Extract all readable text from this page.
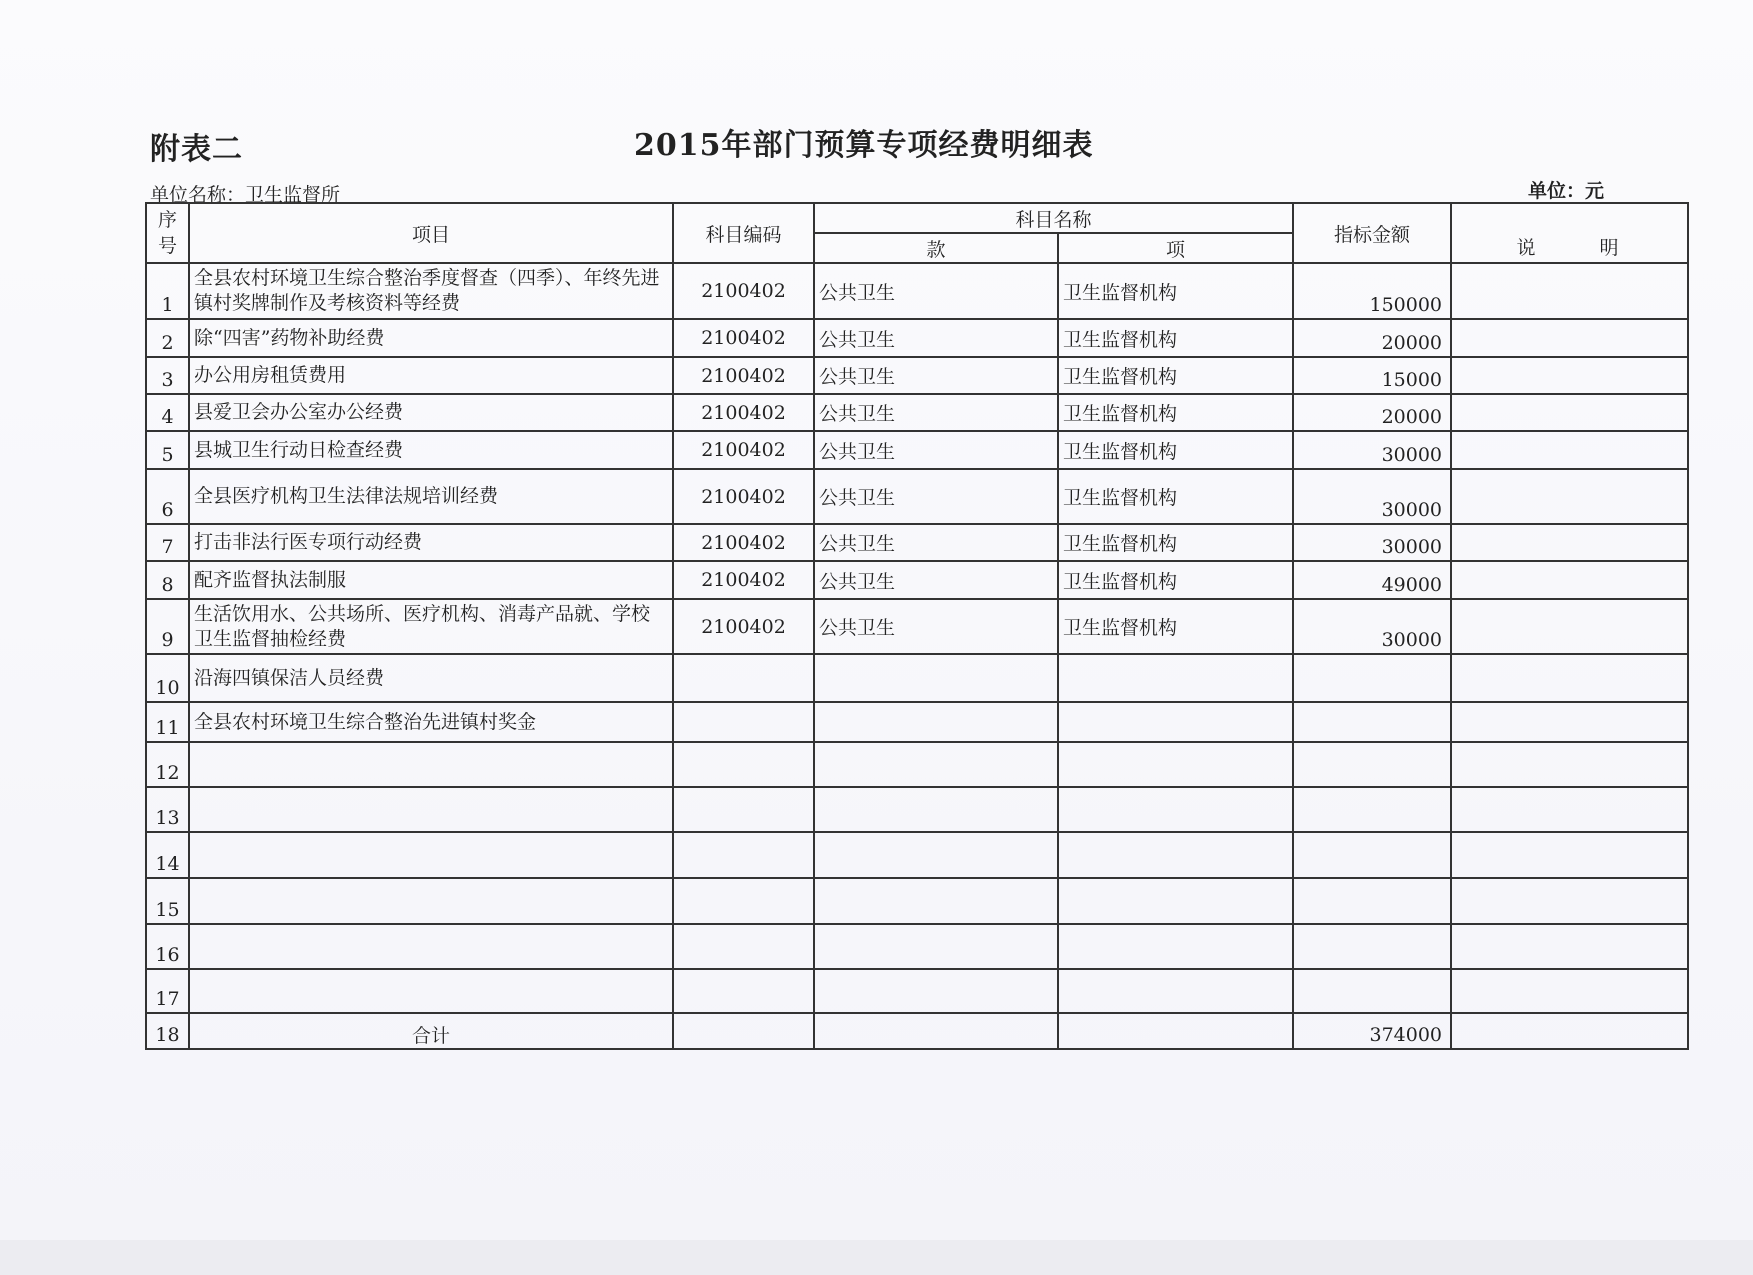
附表二	2015年部门预算专项经费明细表
单位名称：卫生监督所	单位：元
序
号	项目	科目编码	科目名称		指标金额	说 明
			款	项		
1	全县农村环境卫生综合整治季度督查（四季）、年终先进镇村奖牌制作及考核资料等经费	2100402	公共卫生	卫生监督机构	150000	
2	除“四害”药物补助经费	2100402	公共卫生	卫生监督机构	20000	
3	办公用房租赁费用	2100402	公共卫生	卫生监督机构	15000	
4	县爱卫会办公室办公经费	2100402	公共卫生	卫生监督机构	20000	
5	县城卫生行动日检查经费	2100402	公共卫生	卫生监督机构	30000	
6	全县医疗机构卫生法律法规培训经费	2100402	公共卫生	卫生监督机构	30000	
7	打击非法行医专项行动经费	2100402	公共卫生	卫生监督机构	30000	
8	配齐监督执法制服	2100402	公共卫生	卫生监督机构	49000	
9	生活饮用水、公共场所、医疗机构、消毒产品就、学校卫生监督抽检经费	2100402	公共卫生	卫生监督机构	30000	
10	沿海四镇保洁人员经费					
11	全县农村环境卫生综合整治先进镇村奖金					
12						
13						
14						
15						
16						
17						
18	合计				374000	
